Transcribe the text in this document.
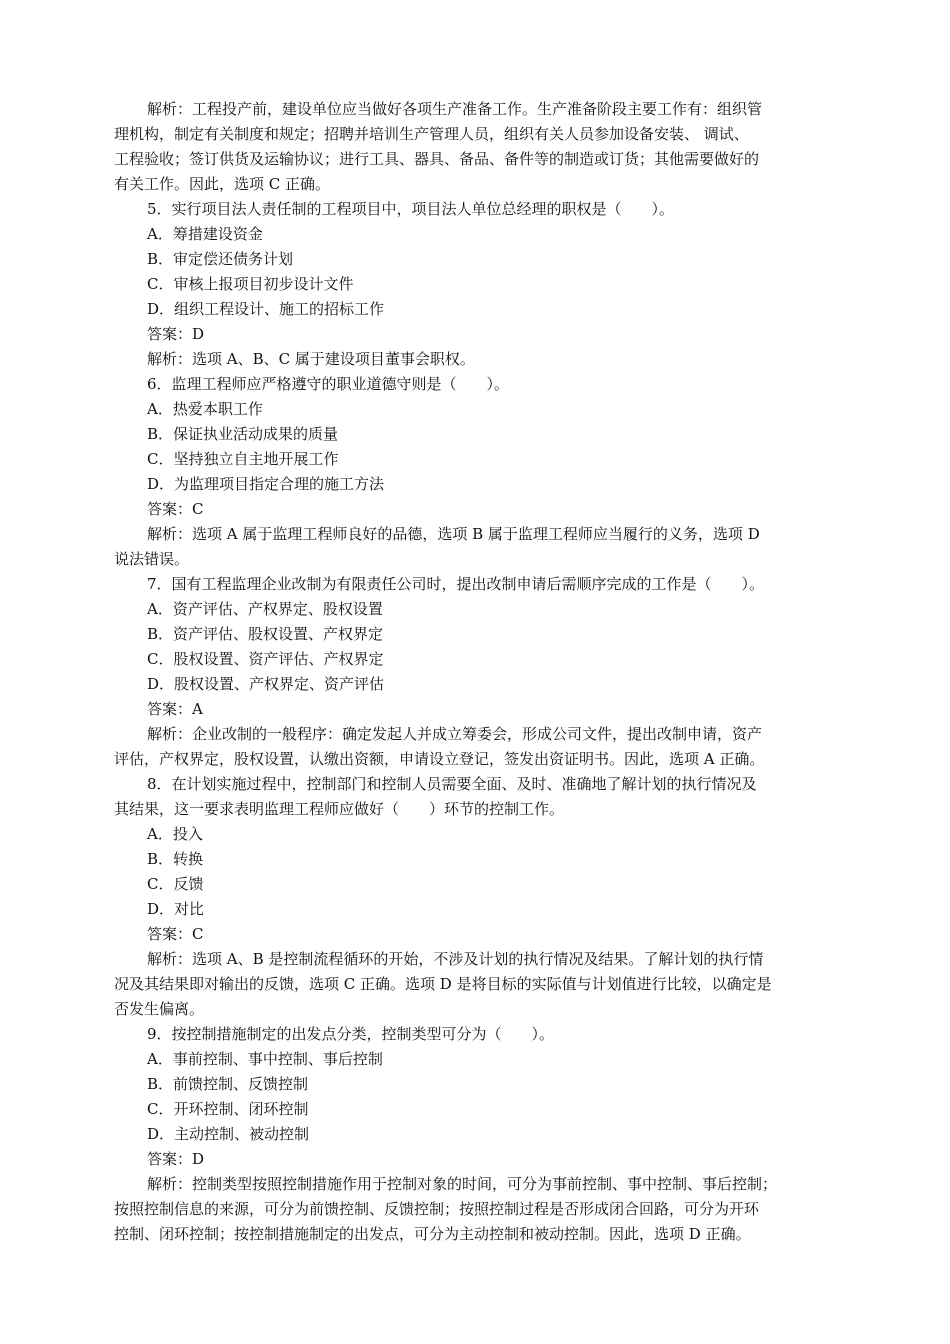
解析：工程投产前，建设单位应当做好各项生产准备工作。生产准备阶段主要工作有：组织管
理机构，制定有关制度和规定；招聘并培训生产管理人员，组织有关人员参加设备安装、 调试、
工程验收；签订供货及运输协议；进行工具、器具、备品、备件等的制造或订货；其他需要做好的
有关工作。因此，选项 C 正确。
5．实行项目法人责任制的工程项目中，项目法人单位总经理的职权是（　　）。
A．筹措建设资金
B．审定偿还债务计划
C．审核上报项目初步设计文件
D．组织工程设计、施工的招标工作
答案：D
解析：选项 A、B、C 属于建设项目董事会职权。
6．监理工程师应严格遵守的职业道德守则是（　　）。
A．热爱本职工作
B．保证执业活动成果的质量
C．坚持独立自主地开展工作
D．为监理项目指定合理的施工方法
答案：C
解析：选项 A 属于监理工程师良好的品德，选项 B 属于监理工程师应当履行的义务，选项 D
说法错误。
7．国有工程监理企业改制为有限责任公司时，提出改制申请后需顺序完成的工作是（　　）。
A．资产评估、产权界定、股权设置
B．资产评估、股权设置、产权界定
C．股权设置、资产评估、产权界定
D．股权设置、产权界定、资产评估
答案：A
解析：企业改制的一般程序：确定发起人并成立筹委会，形成公司文件，提出改制申请，资产
评估，产权界定，股权设置，认缴出资额，申请设立登记，签发出资证明书。因此，选项 A 正确。
8．在计划实施过程中，控制部门和控制人员需要全面、及时、准确地了解计划的执行情况及
其结果，这一要求表明监理工程师应做好（　　）环节的控制工作。
A．投入
B．转换
C．反馈
D．对比
答案：C
解析：选项 A、B 是控制流程循环的开始，不涉及计划的执行情况及结果。了解计划的执行情
况及其结果即对输出的反馈，选项 C 正确。选项 D 是将目标的实际值与计划值进行比较，以确定是
否发生偏离。
9．按控制措施制定的出发点分类，控制类型可分为（　　）。
A．事前控制、事中控制、事后控制
B．前馈控制、反馈控制
C．开环控制、闭环控制
D．主动控制、被动控制
答案：D
解析：控制类型按照控制措施作用于控制对象的时间，可分为事前控制、事中控制、事后控制；
按照控制信息的来源，可分为前馈控制、反馈控制；按照控制过程是否形成闭合回路，可分为开环
控制、闭环控制；按控制措施制定的出发点，可分为主动控制和被动控制。因此，选项 D 正确。
